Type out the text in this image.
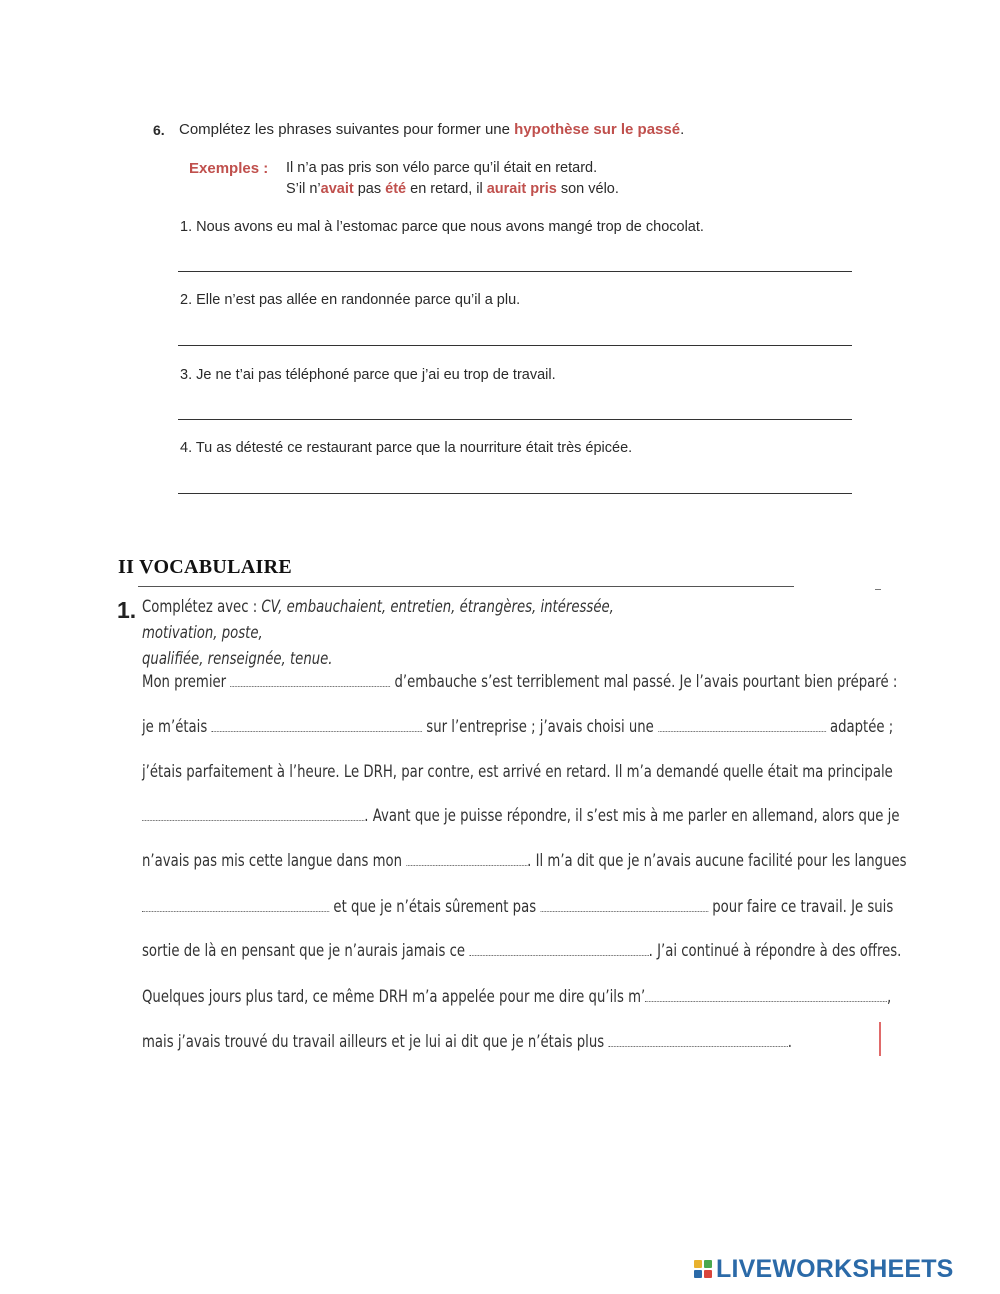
6. Complétez les phrases suivantes pour former une hypothèse sur le passé.
Exemples : Il n’a pas pris son vélo parce qu’il était en retard.
S’il n’avait pas été en retard, il aurait pris son vélo.
1. Nous avons eu mal à l’estomac parce que nous avons mangé trop de chocolat.
2. Elle n’est pas allée en randonnée parce qu’il a plu.
3. Je ne t’ai pas téléphoné parce que j’ai eu trop de travail.
4. Tu as détesté ce restaurant parce que la nourriture était très épicée.
II VOCABULAIRE
1. Complétez avec : CV, embauchaient, entretien, étrangères, intéressée, motivation, poste,
qualifiée, renseignée, tenue.
Mon premier	d’embauche s’est terriblement mal passé. Je l’avais pourtant bien préparé :
je m’étais	sur l’entreprise ; j’avais choisi une	adaptée ;
j’étais parfaitement à l’heure. Le DRH, par contre, est arrivé en retard. Il m’a demandé quelle était ma principale
. Avant que je puisse répondre, il s’est mis à me parler en allemand, alors que je
n’avais pas mis cette langue dans mon	. Il m’a dit que je n’avais aucune facilité pour les langues
et que je n’étais sûrement pas	pour faire ce travail. Je suis
sortie de là en pensant que je n’aurais jamais ce	. J’ai continué à répondre à des offres.
Quelques jours plus tard, ce même DRH m’a appelée pour me dire qu’ils m’	,
mais j’avais trouvé du travail ailleurs et je lui ai dit que je n’étais plus	.
LIVEWORKSHEETS
